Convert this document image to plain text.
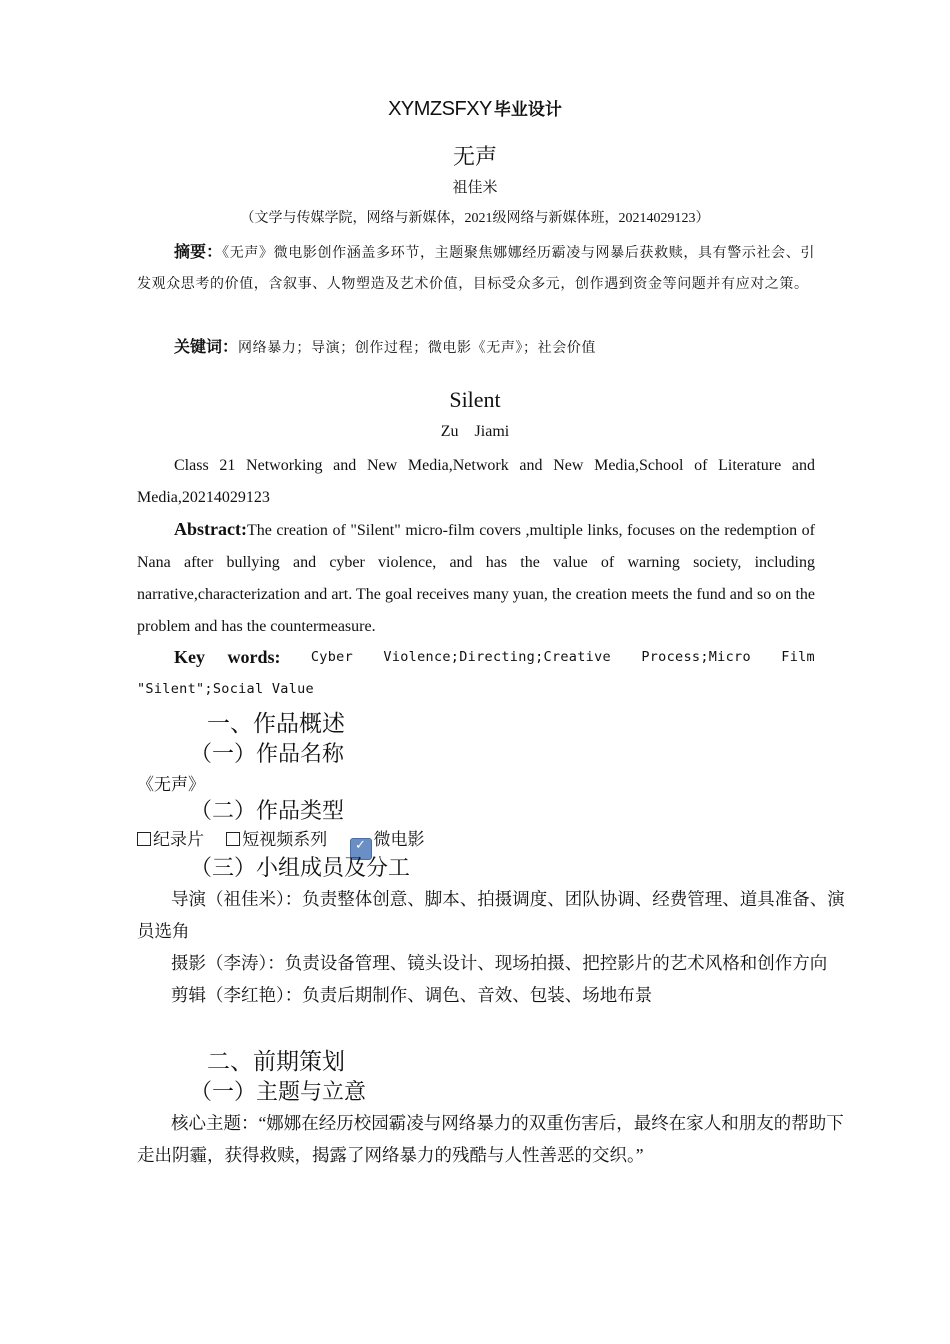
XYMZSFXY 毕业设计
无声
祖佳米
（文学与传媒学院，网络与新媒体，2021级网络与新媒体班，20214029123）

摘要：《无声》微电影创作涵盖多环节，主题聚焦娜娜经历霸凌与网暴后获救赎，具有警示社会、引发观众思考的价值，含叙事、人物塑造及艺术价值，目标受众多元，创作遇到资金等问题并有应对之策。

关键词：网络暴力；导演；创作过程；微电影《无声》；社会价值

Silent
Zu  Jiami

Class 21 Networking and New Media,Network and New Media,School of Literature and Media,20214029123

Abstract:The creation of "Silent" micro-film covers ,multiple links, focuses on the redemption of Nana after bullying and cyber violence, and has the value of warning society, including narrative,characterization and art. The goal receives many yuan, the creation meets the fund and so on the problem and has the countermeasure.

Key     words: Cyber Violence;Directing;Creative Process;Micro Film
"Silent";Social Value
一、作品概述
（一）作品名称
《无声》
（二）作品类型
纪录片 短视频系列 ✓ 微电影
（三）小组成员及分工

导演（祖佳米）：负责整体创意、脚本、拍摄调度、团队协调、经费管理、道具准备、演员选角

摄影（李涛）：负责设备管理、镜头设计、现场拍摄、把控影片的艺术风格和创作方向

剪辑（李红艳）：负责后期制作、调色、音效、包装、场地布景

二、前期策划
（一）主题与立意

核心主题：“娜娜在经历校园霸凌与网络暴力的双重伤害后，最终在家人和朋友的帮助下走出阴霾，获得救赎，揭露了网络暴力的残酷与人性善恶的交织。”
